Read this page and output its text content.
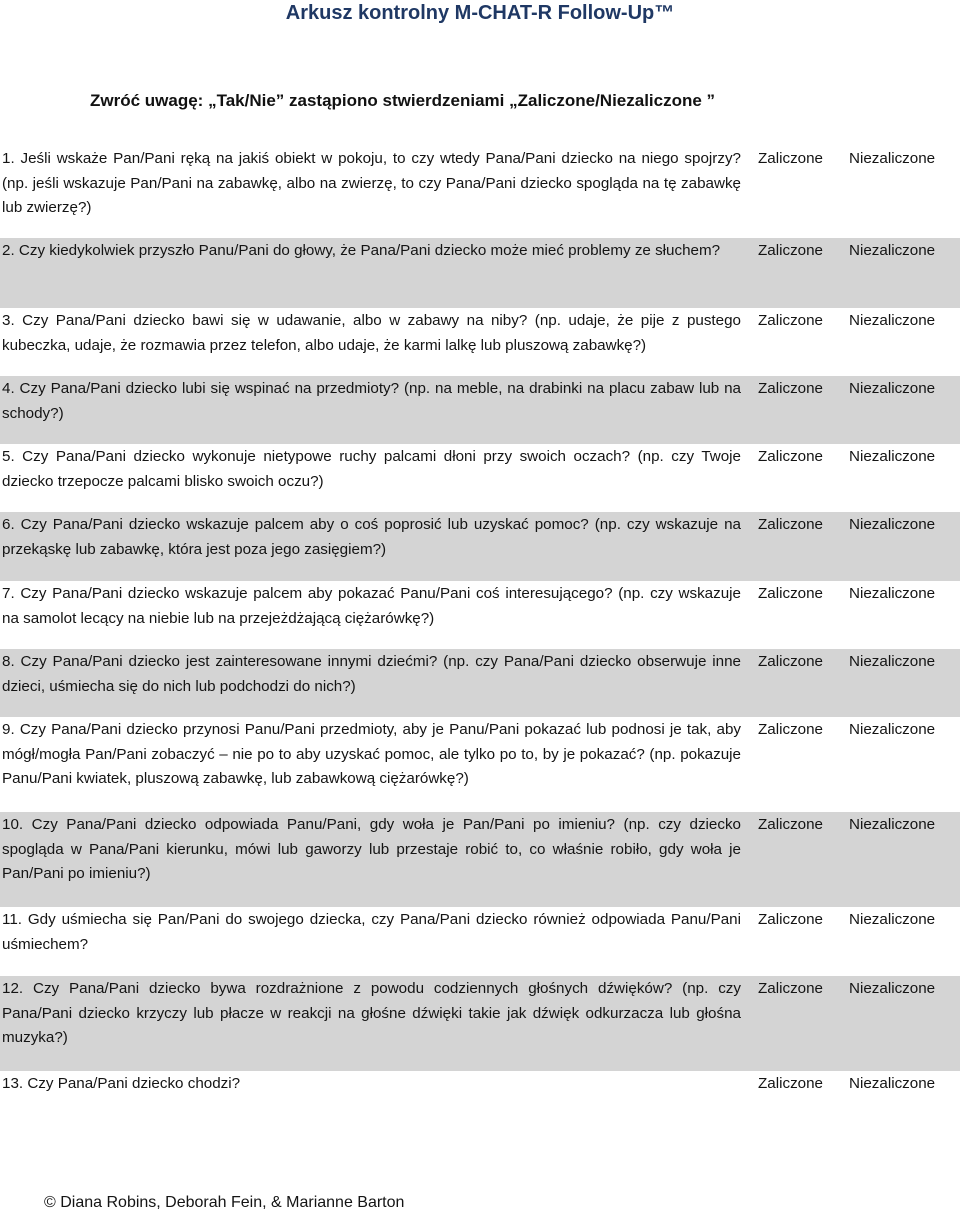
Arkusz kontrolny M-CHAT-R Follow-Up™
Zwróć uwagę: „Tak/Nie” zastąpiono stwierdzeniami „Zaliczone/Niezaliczone ”
1. Jeśli wskaże Pan/Pani ręką na jakiś obiekt w pokoju, to czy wtedy Pana/Pani dziecko na niego spojrzy? (np. jeśli wskazuje Pan/Pani na zabawkę, albo na zwierzę, to czy Pana/Pani dziecko spogląda na tę zabawkę lub zwierzę?)
Zaliczone Niezaliczone
2. Czy kiedykolwiek przyszło Panu/Pani do głowy, że Pana/Pani dziecko może mieć problemy ze słuchem?	Zaliczone Niezaliczone
3. Czy Pana/Pani dziecko bawi się w udawanie, albo w zabawy na niby? (np. udaje, że pije z pustego kubeczka, udaje, że rozmawia przez telefon, albo udaje, że karmi lalkę lub pluszową zabawkę?)
Zaliczone Niezaliczone
4. Czy Pana/Pani dziecko lubi się wspinać na przedmioty? (np. na meble, na drabinki na placu zabaw lub na schody?)
Zaliczone Niezaliczone
5. Czy Pana/Pani dziecko wykonuje nietypowe ruchy palcami dłoni przy swoich oczach? (np. czy Twoje dziecko trzepocze palcami blisko swoich oczu?)
Zaliczone Niezaliczone
6. Czy Pana/Pani dziecko wskazuje palcem aby o coś poprosić lub uzyskać pomoc? (np. czy wskazuje na przekąskę lub zabawkę, która jest poza jego zasięgiem?)
Zaliczone Niezaliczone
7. Czy Pana/Pani dziecko wskazuje palcem aby pokazać Panu/Pani coś interesującego? (np. czy wskazuje na samolot lecący na niebie lub na przejeżdżającą ciężarówkę?)
Zaliczone Niezaliczone
8. Czy Pana/Pani dziecko jest zainteresowane innymi dziećmi? (np. czy Pana/Pani dziecko obserwuje inne dzieci, uśmiecha się do nich lub podchodzi do nich?)
Zaliczone Niezaliczone
9. Czy Pana/Pani dziecko przynosi Panu/Pani przedmioty, aby je Panu/Pani pokazać lub podnosi je tak, aby mógł/mogła Pan/Pani zobaczyć – nie po to aby uzyskać pomoc, ale tylko po to, by je pokazać? (np. pokazuje Panu/Pani kwiatek, pluszową zabawkę, lub zabawkową ciężarówkę?)
Zaliczone Niezaliczone
10. Czy Pana/Pani dziecko odpowiada Panu/Pani, gdy woła je Pan/Pani po imieniu? (np. czy dziecko spogląda w Pana/Pani kierunku, mówi lub gaworzy lub przestaje robić to, co właśnie robiło, gdy woła je Pan/Pani po imieniu?)
Zaliczone Niezaliczone
11. Gdy uśmiecha się Pan/Pani do swojego dziecka, czy Pana/Pani dziecko również odpowiada Panu/Pani uśmiechem?
Zaliczone Niezaliczone
12. Czy Pana/Pani dziecko bywa rozdrażnione z powodu codziennych głośnych dźwięków? (np. czy Pana/Pani dziecko krzyczy lub płacze w reakcji na głośne dźwięki takie jak dźwięk odkurzacza lub głośna muzyka?)
Zaliczone Niezaliczone
13. Czy Pana/Pani dziecko chodzi?	Zaliczone Niezaliczone
© Diana Robins, Deborah Fein, & Marianne Barton
